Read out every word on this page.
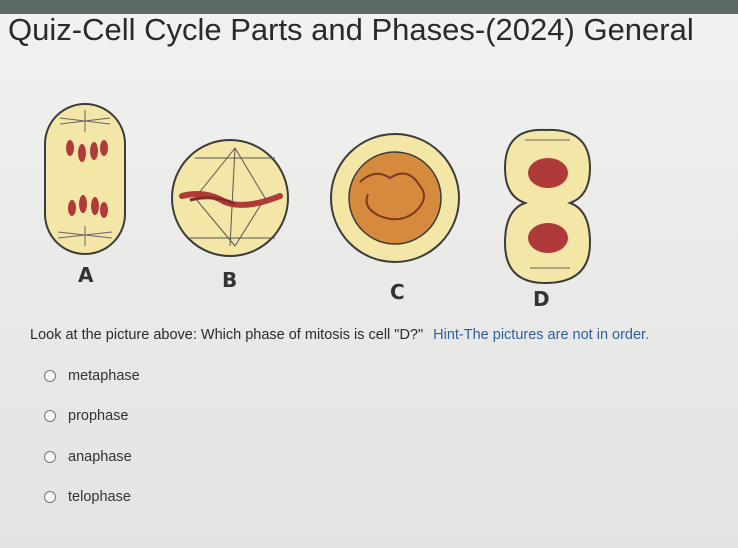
Quiz-Cell Cycle Parts and Phases-(2024) General
A	B	C	D
Look at the picture above: Which phase of mitosis is cell "D?" Hint-The pictures are not in order.
metaphase
prophase
anaphase
telophase
